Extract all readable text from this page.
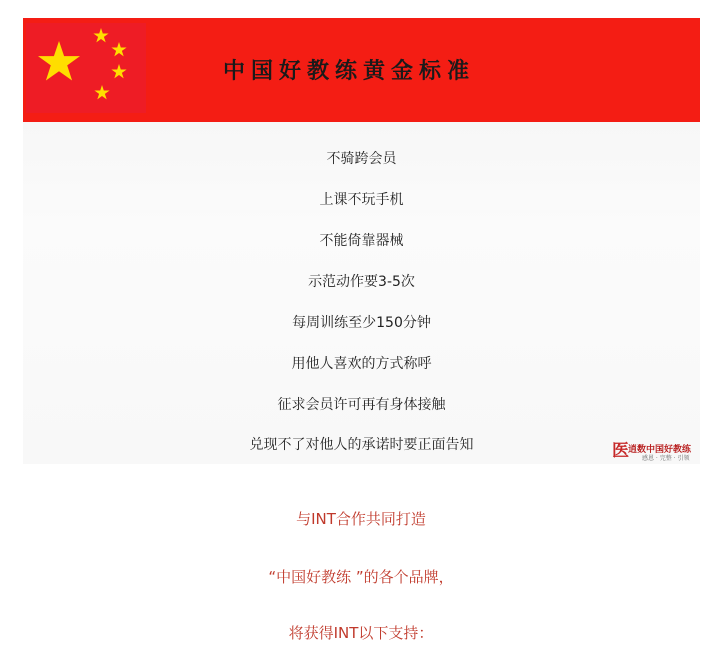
中国好教练黄金标准
不骑跨会员
上课不玩手机
不能倚靠器械
示范动作要3-5次
每周训练至少150分钟
用他人喜欢的方式称呼
征求会员许可再有身体接触
兑现不了对他人的承诺时要正面告知	医 逍数中国好教练
感恩 · 完整 · 引领
与INT合作共同打造
“中国好教练 ”的各个品牌，
将获得INT以下支持：
